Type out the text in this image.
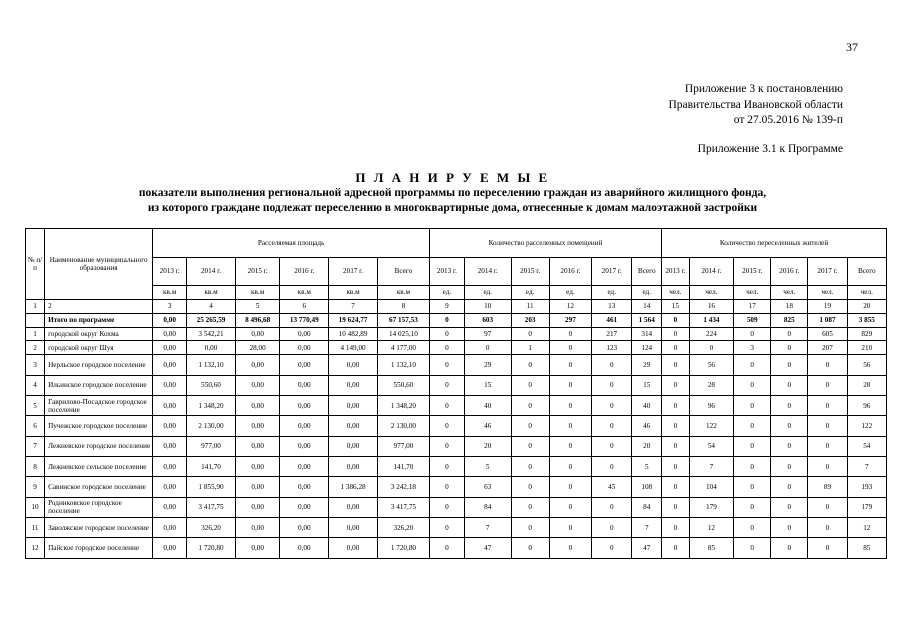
37
Приложение 3 к постановлению
Правительства Ивановской области
от 27.05.2016 № 139-п
Приложение 3.1 к Программе
П Л А Н И Р У Е М Ы Е
показатели выполнения региональной адресной программы по переселению граждан из аварийного жилищного фонда,
из которого граждане подлежат переселению в многоквартирные дома, отнесенные к домам малоэтажной застройки
№ п/п	Наименование муниципального образования	Расселяемая площадь						Количество расселенных помещений						Количество переселенных жителей					
		2013 г.	2014 г.	2015 г.	2016 г.	2017 г.	Всего	2013 г.	2014 г.	2015 г.	2016 г.	2017 г.	Всего	2013 г.	2014 г.	2015 г.	2016 г.	2017 г.	Всего
		кв.м	кв.м	кв.м	кв.м	кв.м	кв.м	ед.	ед.	ед.	ед.	ед.	ед.	чел.	чел.	чел.	чел.	чел.	чел.
1	2	3	4	5	6	7	8	9	10	11	12	13	14	15	16	17	18	19	20
	Итого по программе	0,00	25 265,59	8 496,68	13 770,49	19 624,77	67 157,53	0	603	203	297	461	1 564	0	1 434	509	825	1 087	3 855
1	городской округ Кохма	0,00	3 542,21	0,00	0,00	10 482,89	14 025,10	0	97	0	0	217	314	0	224	0	0	605	829
2	городской округ Шуя	0,00	0,00	28,00	0,00	4 149,00	4 177,00	0	0	1	0	123	124	0	0	3	0	207	210
3	Нерльское городское поселение	0,00	1 132,10	0,00	0,00	0,00	1 132,10	0	29	0	0	0	29	0	56	0	0	0	56
4	Ильинское городское поселение	0,00	550,60	0,00	0,00	0,00	550,60	0	15	0	0	0	15	0	28	0	0	0	28
5	Гаврилово-Посадское городское поселение	0,00	1 348,20	0,00	0,00	0,00	1 348,20	0	40	0	0	0	40	0	96	0	0	0	96
6	Пучежское городское поселение	0,00	2 130,00	0,00	0,00	0,00	2 130,00	0	46	0	0	0	46	0	122	0	0	0	122
7	Лежневское городское поселение	0,00	977,00	0,00	0,00	0,00	977,00	0	20	0	0	0	20	0	54	0	0	0	54
8	Лежневское сельское поселение	0,00	141,70	0,00	0,00	0,00	141,70	0	5	0	0	0	5	0	7	0	0	0	7
9	Савинское городское поселение	0,00	1 855,90	0,00	0,00	1 386,28	3 242,18	0	63	0	0	45	108	0	104	0	0	89	193
10	Родниковское городское поселение	0,00	3 417,75	0,00	0,00	0,00	3 417,75	0	84	0	0	0	84	0	179	0	0	0	179
11	Заволжское городское поселение	0,00	326,20	0,00	0,00	0,00	326,20	0	7	0	0	0	7	0	12	0	0	0	12
12	Пайское городское поселение	0,00	1 720,80	0,00	0,00	0,00	1 720,80	0	47	0	0	0	47	0	85	0	0	0	85
